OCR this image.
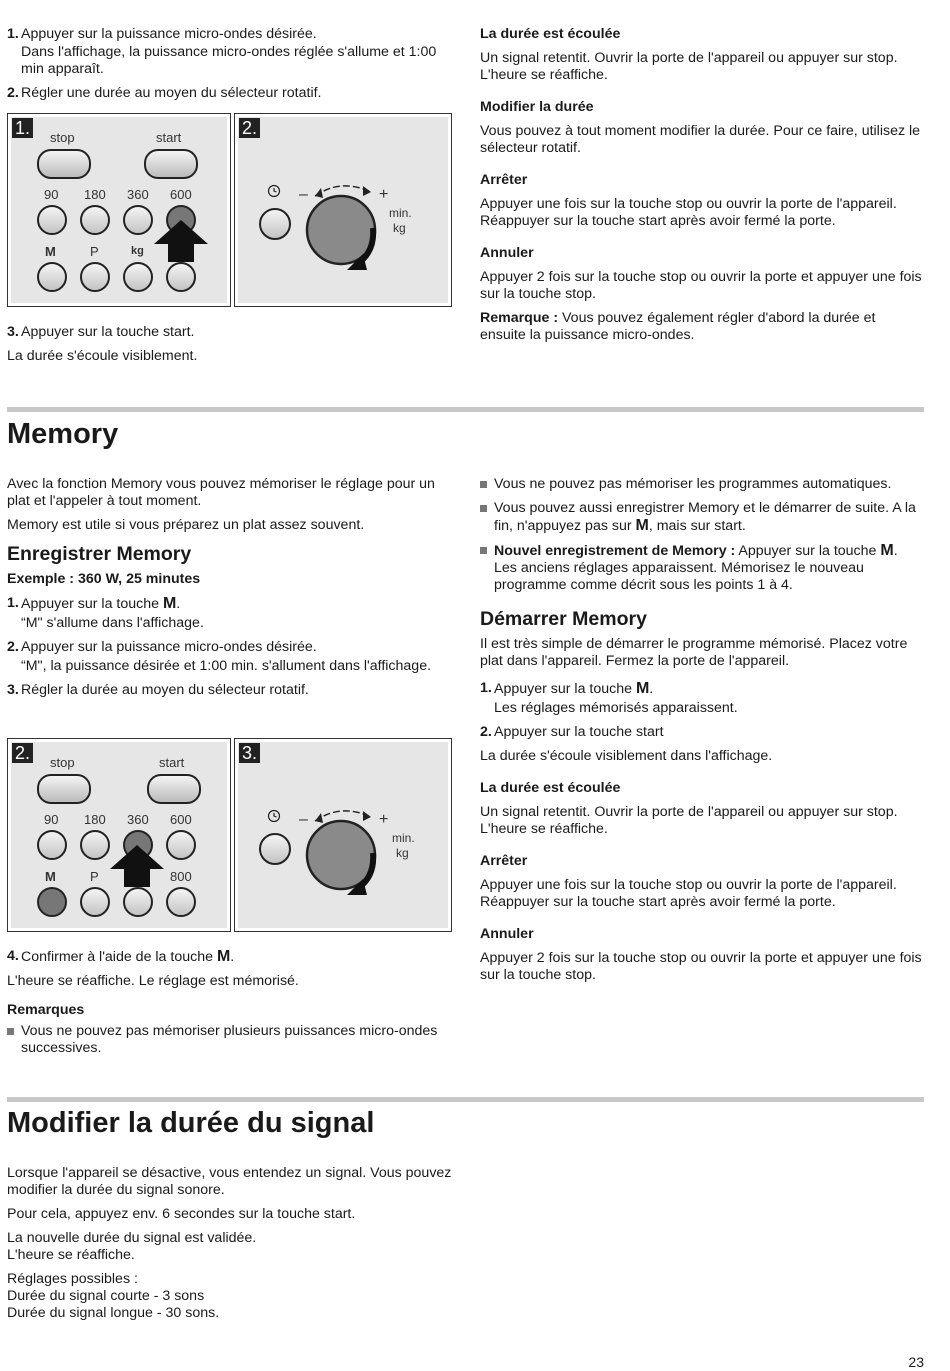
1. Appuyer sur la puissance micro-ondes désirée.

Dans l'affichage, la puissance micro-ondes réglée s'allume et 1:00 min apparaît.

2. Régler une durée au moyen du sélecteur rotatif.

1. stop	start
90 180 360 600
M	P	kg
2.
–	+
min.
kg
3. Appuyer sur la touche start.

La durée s'écoule visiblement.

La durée est écoulée

Un signal retentit. Ouvrir la porte de l'appareil ou appuyer sur stop. L'heure se réaffiche.

Modifier la durée

Vous pouvez à tout moment modifier la durée. Pour ce faire, utilisez le sélecteur rotatif.

Arrêter

Appuyer une fois sur la touche stop ou ouvrir la porte de l'appareil. Réappuyer sur la touche start après avoir fermé la porte.

Annuler

Appuyer 2 fois sur la touche stop ou ouvrir la porte et appuyer une fois sur la touche stop.

Remarque : Vous pouvez également régler d'abord la durée et ensuite la puissance micro-ondes.

Memory

Avec la fonction Memory vous pouvez mémoriser le réglage pour un plat et l'appeler à tout moment.

Memory est utile si vous préparez un plat assez souvent.

Enregistrer Memory

Exemple : 360 W, 25 minutes

1. Appuyer sur la touche M.

“M" s'allume dans l'affichage.

2. Appuyer sur la puissance micro-ondes désirée.

“M", la puissance désirée et 1:00 min. s'allument dans l'affichage.

3. Régler la durée au moyen du sélecteur rotatif.

2. stop	start
90 180 360 600
M	P	800
3.
–	+
min.
kg
4. Confirmer à l'aide de la touche M.

L'heure se réaffiche. Le réglage est mémorisé.

Remarques

Vous ne pouvez pas mémoriser plusieurs puissances micro-ondes successives.

Vous ne pouvez pas mémoriser les programmes automatiques.

Vous pouvez aussi enregistrer Memory et le démarrer de suite. A la fin, n'appuyez pas sur M, mais sur start.

Nouvel enregistrement de Memory : Appuyer sur la touche M. Les anciens réglages apparaissent. Mémorisez le nouveau programme comme décrit sous les points 1 à 4.

Démarrer Memory

Il est très simple de démarrer le programme mémorisé. Placez votre plat dans l'appareil. Fermez la porte de l'appareil.

1. Appuyer sur la touche M.

Les réglages mémorisés apparaissent.

2. Appuyer sur la touche start

La durée s'écoule visiblement dans l'affichage.

La durée est écoulée

Un signal retentit. Ouvrir la porte de l'appareil ou appuyer sur stop. L'heure se réaffiche.

Arrêter

Appuyer une fois sur la touche stop ou ouvrir la porte de l'appareil. Réappuyer sur la touche start après avoir fermé la porte.

Annuler

Appuyer 2 fois sur la touche stop ou ouvrir la porte et appuyer une fois sur la touche stop.

Modifier la durée du signal

Lorsque l'appareil se désactive, vous entendez un signal. Vous pouvez modifier la durée du signal sonore.

Pour cela, appuyez env. 6 secondes sur la touche start.

La nouvelle durée du signal est validée.

L'heure se réaffiche.

Réglages possibles :

Durée du signal courte - 3 sons

Durée du signal longue - 30 sons.

23
